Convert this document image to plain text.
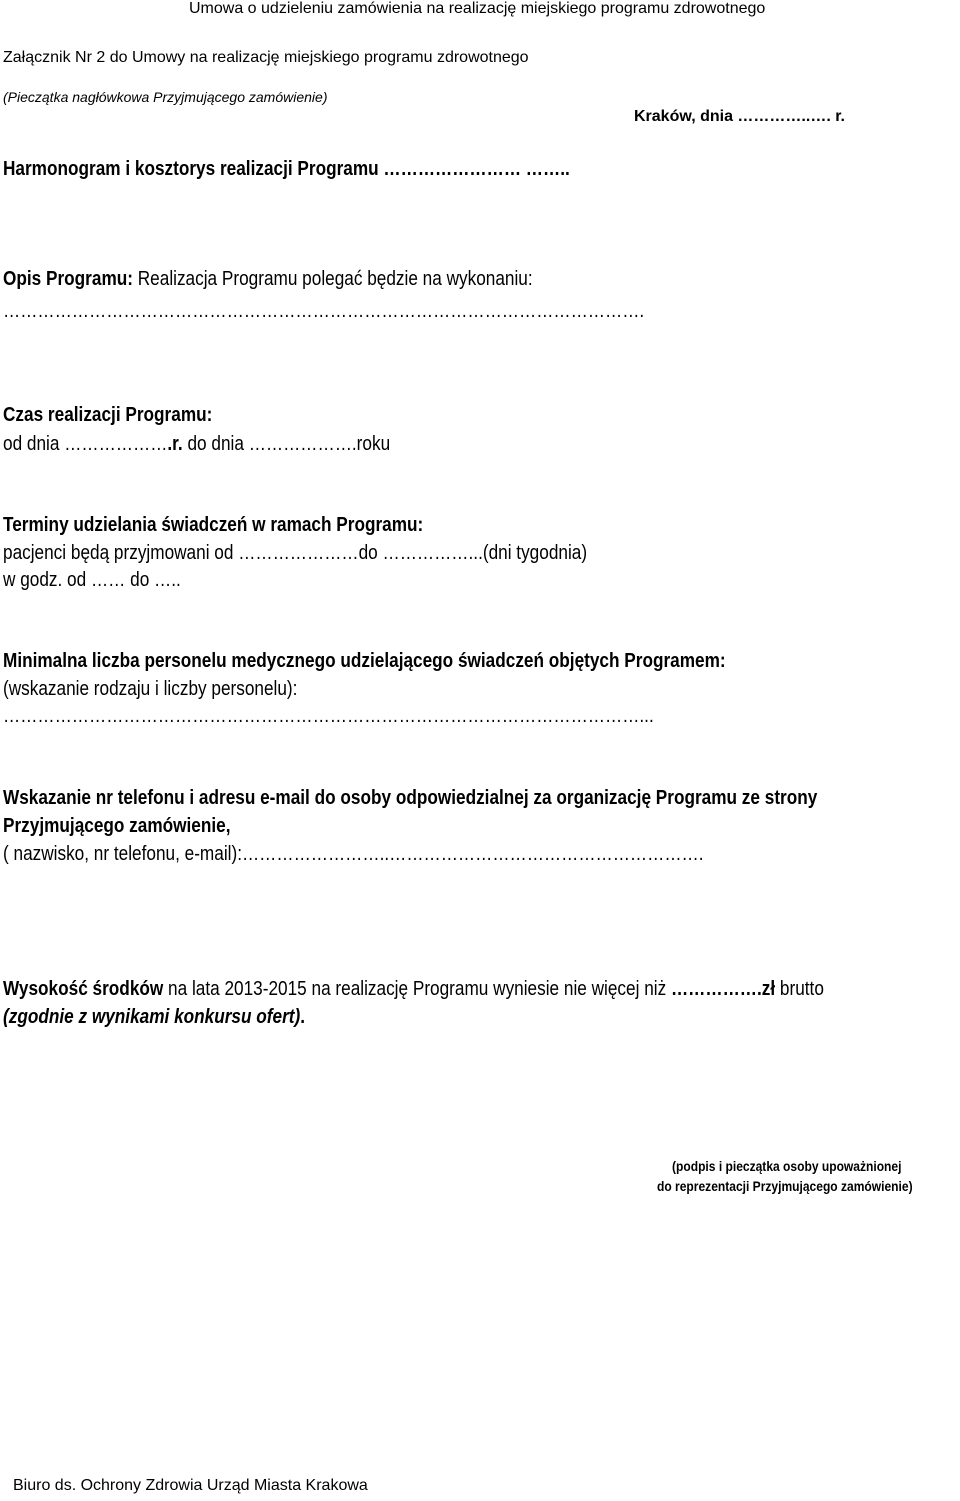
Umowa o udzieleniu zamówienia na realizację miejskiego programu zdrowotnego
Załącznik Nr 2 do Umowy na realizację miejskiego programu zdrowotnego
(Pieczątka nagłówkowa Przyjmującego zamówienie)
Kraków, dnia …………..…. r.
Harmonogram i kosztorys realizacji Programu …………………… ……..
Opis Programu: Realizacja Programu polegać będzie na wykonaniu:
………………………………………………………………………………………………….
Czas realizacji Programu:
od dnia ……………….r. do dnia ……………….roku
Terminy udzielania świadczeń w ramach Programu:
pacjenci będą przyjmowani od …………………do ……………...(dni tygodnia)
w godz. od …… do …..
Minimalna liczba personelu medycznego udzielającego świadczeń objętych Programem:
(wskazanie rodzaju i liczby personelu):
…………………………………………………………………………………………………...
Wskazanie nr telefonu i adresu e-mail do osoby odpowiedzialnej za organizację Programu ze strony
Przyjmującego zamówienie,
( nazwisko, nr telefonu, e-mail):……………………..……………………………………………….
Wysokość środków na lata 2013-2015 na realizację Programu wyniesie nie więcej niż …………….zł brutto
(zgodnie z wynikami konkursu ofert).
(podpis i pieczątka osoby upoważnionej
do reprezentacji Przyjmującego zamówienie)
Biuro ds. Ochrony Zdrowia Urząd Miasta Krakowa
